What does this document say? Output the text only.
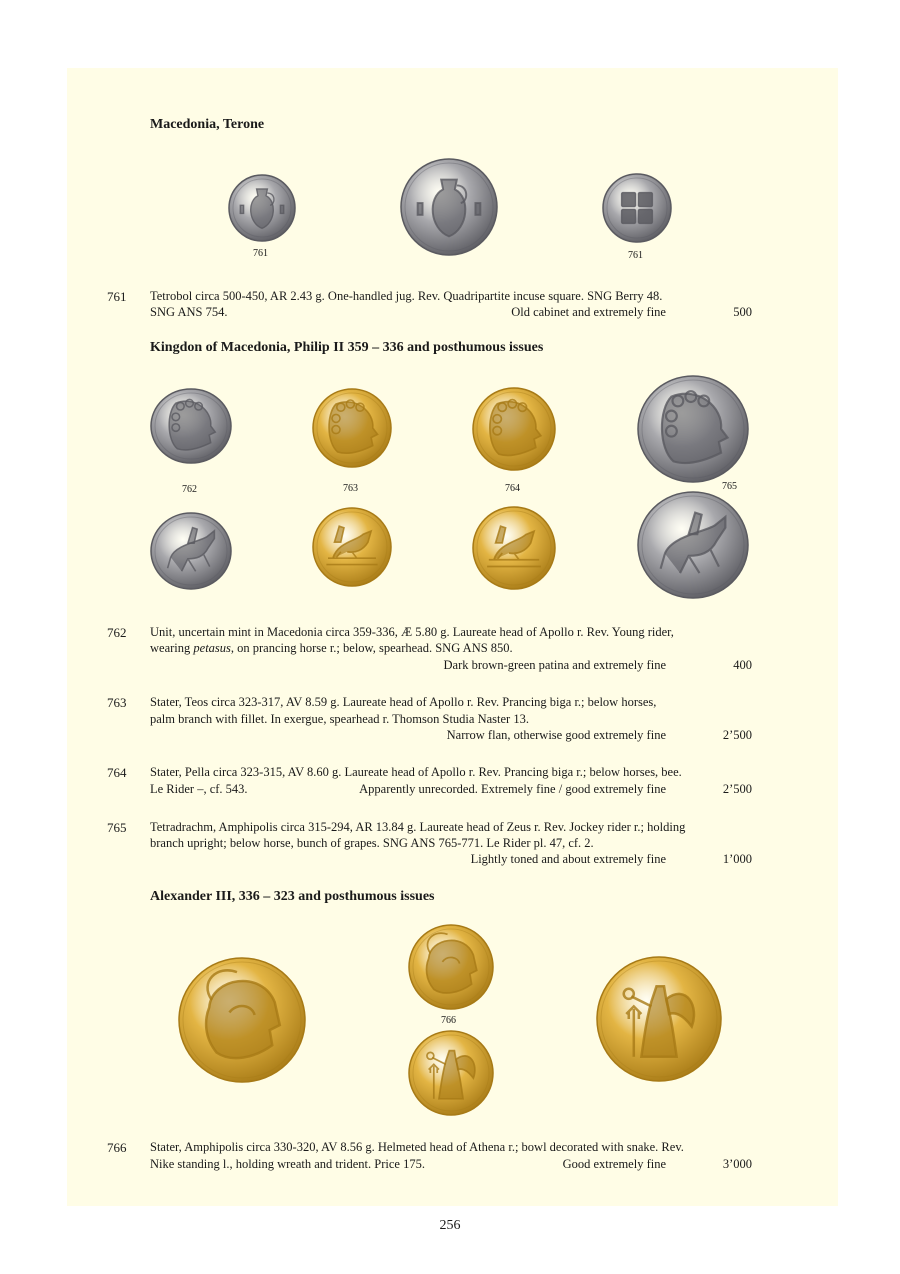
Macedonia, Terone
Kingdon of Macedonia, Philip II 359 – 336 and posthumous issues
Alexander III, 336 – 323 and posthumous issues
761	761
762	763	764	765
766
761 Tetrobol circa 500-450, AR 2.43 g. One-handled jug. Rev. Quadripartite incuse square. SNG Berry 48.
SNG ANS 754.	Old cabinet and extremely fine	500
762 Unit, uncertain mint in Macedonia circa 359-336, Æ 5.80 g. Laureate head of Apollo r. Rev. Young rider,
wearing petasus, on prancing horse r.; below, spearhead. SNG ANS 850.
Dark brown-green patina and extremely fine	400
763 Stater, Teos circa 323-317, AV 8.59 g. Laureate head of Apollo r. Rev. Prancing biga r.; below horses,
palm branch with fillet. In exergue, spearhead r. Thomson Studia Naster 13.
Narrow flan, otherwise good extremely fine	2’500
764 Stater, Pella circa 323-315, AV 8.60 g. Laureate head of Apollo r. Rev. Prancing biga r.; below horses, bee.
Le Rider –, cf. 543.	Apparently unrecorded. Extremely fine / good extremely fine	2’500
765 Tetradrachm, Amphipolis circa 315-294, AR 13.84 g. Laureate head of Zeus r. Rev. Jockey rider r.; holding
branch upright; below horse, bunch of grapes. SNG ANS 765-771. Le Rider pl. 47, cf. 2.
Lightly toned and about extremely fine	1’000
766 Stater, Amphipolis circa 330-320, AV 8.56 g. Helmeted head of Athena r.; bowl decorated with snake. Rev.
Nike standing l., holding wreath and trident. Price 175.	Good extremely fine	3’000
256
